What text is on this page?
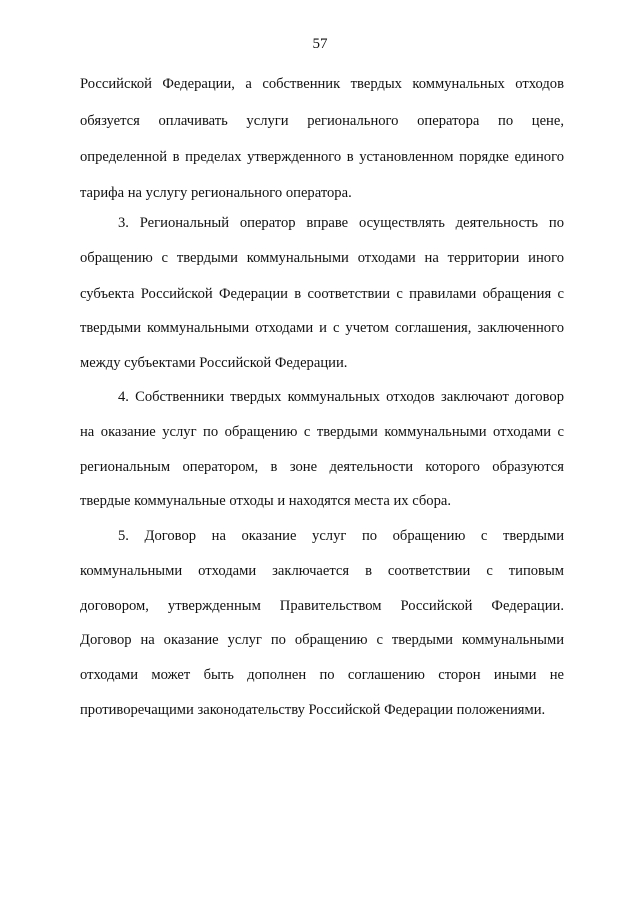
57
Российской Федерации, а собственник твердых коммунальных отходов
обязуется оплачивать услуги регионального оператора по цене,
определенной в пределах утвержденного в установленном порядке единого
тарифа на услугу регионального оператора.
3. Региональный оператор вправе осуществлять деятельность по
обращению с твердыми коммунальными отходами на территории иного
субъекта Российской Федерации в соответствии с правилами обращения с
твердыми коммунальными отходами и с учетом соглашения, заключенного
между субъектами Российской Федерации.
4. Собственники твердых коммунальных отходов заключают договор
на оказание услуг по обращению с твердыми коммунальными отходами с
региональным оператором, в зоне деятельности которого образуются
твердые коммунальные отходы и находятся места их сбора.
5. Договор на оказание услуг по обращению с твердыми
коммунальными отходами заключается в соответствии с типовым
договором, утвержденным Правительством Российской Федерации.
Договор на оказание услуг по обращению с твердыми коммунальными
отходами может быть дополнен по соглашению сторон иными не
противоречащими законодательству Российской Федерации положениями.
